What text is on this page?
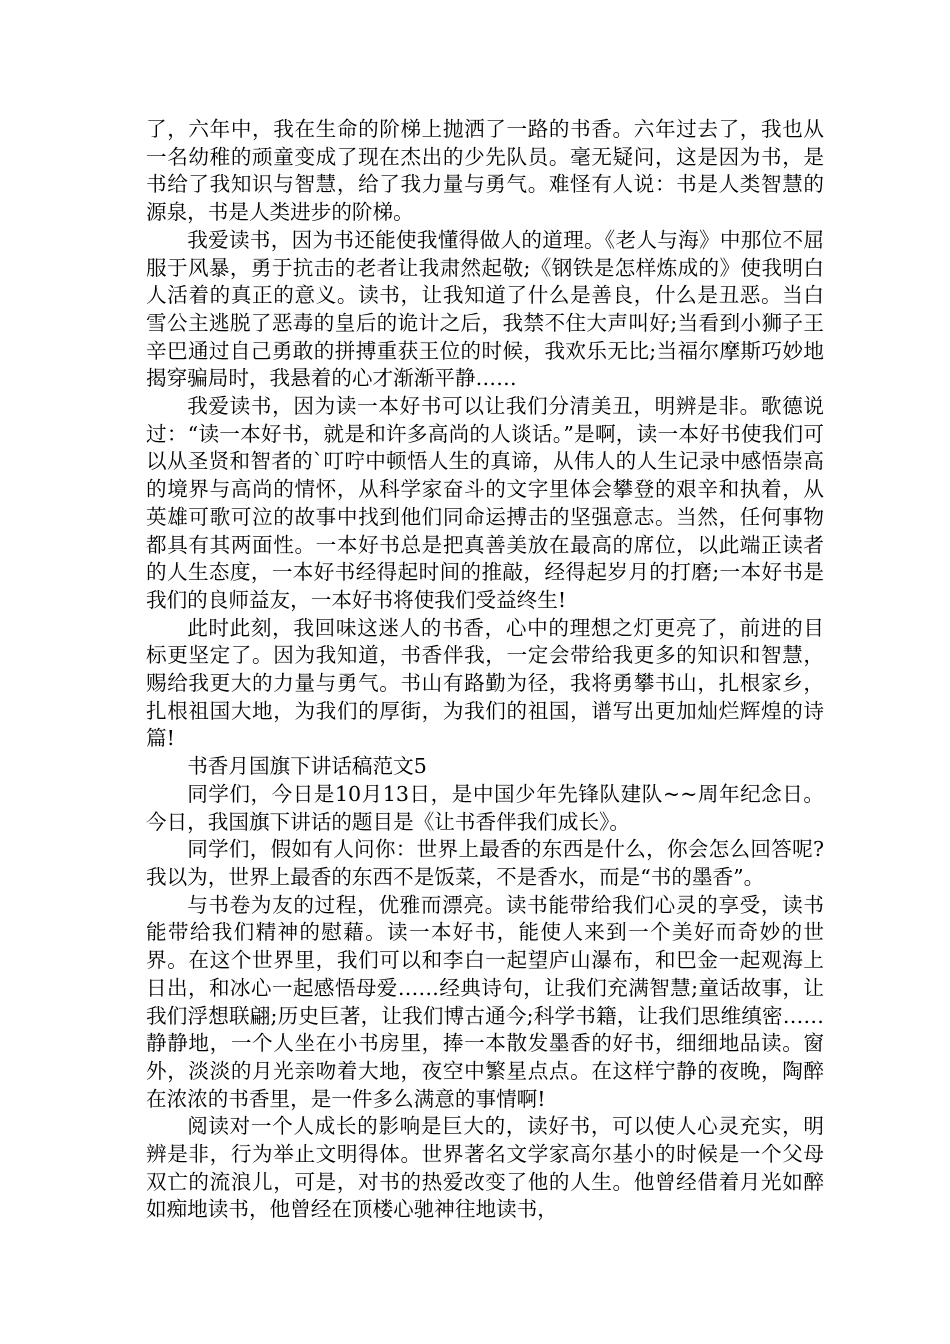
了，六年中，我在生命的阶梯上抛洒了一路的书香。六年过去了，我也从一名幼稚的顽童变成了现在杰出的少先队员。毫无疑问，这是因为书，是书给了我知识与智慧，给了我力量与勇气。难怪有人说：书是人类智慧的源泉，书是人类进步的阶梯。

我爱读书，因为书还能使我懂得做人的道理。《老人与海》中那位不屈服于风暴，勇于抗击的老者让我肃然起敬;《钢铁是怎样炼成的》使我明白人活着的真正的意义。读书，让我知道了什么是善良，什么是丑恶。当白雪公主逃脱了恶毒的皇后的诡计之后，我禁不住大声叫好;当看到小狮子王辛巴通过自己勇敢的拼搏重获王位的时候，我欢乐无比;当福尔摩斯巧妙地揭穿骗局时，我悬着的心才渐渐平静……

我爱读书，因为读一本好书可以让我们分清美丑，明辨是非。歌德说过：“读一本好书，就是和许多高尚的人谈话。”是啊，读一本好书使我们可以从圣贤和智者的`叮咛中顿悟人生的真谛，从伟人的人生记录中感悟崇高的境界与高尚的情怀，从科学家奋斗的文字里体会攀登的艰辛和执着，从英雄可歌可泣的故事中找到他们同命运搏击的坚强意志。当然，任何事物都具有其两面性。一本好书总是把真善美放在最高的席位，以此端正读者的人生态度，一本好书经得起时间的推敲，经得起岁月的打磨;一本好书是我们的良师益友，一本好书将使我们受益终生!

此时此刻，我回味这迷人的书香，心中的理想之灯更亮了，前进的目标更坚定了。因为我知道，书香伴我，一定会带给我更多的知识和智慧，赐给我更大的力量与勇气。书山有路勤为径，我将勇攀书山，扎根家乡，扎根祖国大地，为我们的厚街，为我们的祖国，谱写出更加灿烂辉煌的诗篇!

书香月国旗下讲话稿范文5

同学们，今日是10月13日，是中国少年先锋队建队~~周年纪念日。今日，我国旗下讲话的题目是《让书香伴我们成长》。

同学们，假如有人问你：世界上最香的东西是什么，你会怎么回答呢?我以为，世界上最香的东西不是饭菜，不是香水，而是“书的墨香”。

与书卷为友的过程，优雅而漂亮。读书能带给我们心灵的享受，读书能带给我们精神的慰藉。读一本好书，能使人来到一个美好而奇妙的世界。在这个世界里，我们可以和李白一起望庐山瀑布，和巴金一起观海上日出，和冰心一起感悟母爱……经典诗句，让我们充满智慧;童话故事，让我们浮想联翩;历史巨著，让我们博古通今;科学书籍，让我们思维缜密……静静地，一个人坐在小书房里，捧一本散发墨香的好书，细细地品读。窗外，淡淡的月光亲吻着大地，夜空中繁星点点。在这样宁静的夜晚，陶醉在浓浓的书香里，是一件多么满意的事情啊!

阅读对一个人成长的影响是巨大的，读好书，可以使人心灵充实，明辨是非，行为举止文明得体。世界著名文学家高尔基小的时候是一个父母双亡的流浪儿，可是，对书的热爱改变了他的人生。他曾经借着月光如醉如痴地读书，他曾经在顶楼心驰神往地读书，
